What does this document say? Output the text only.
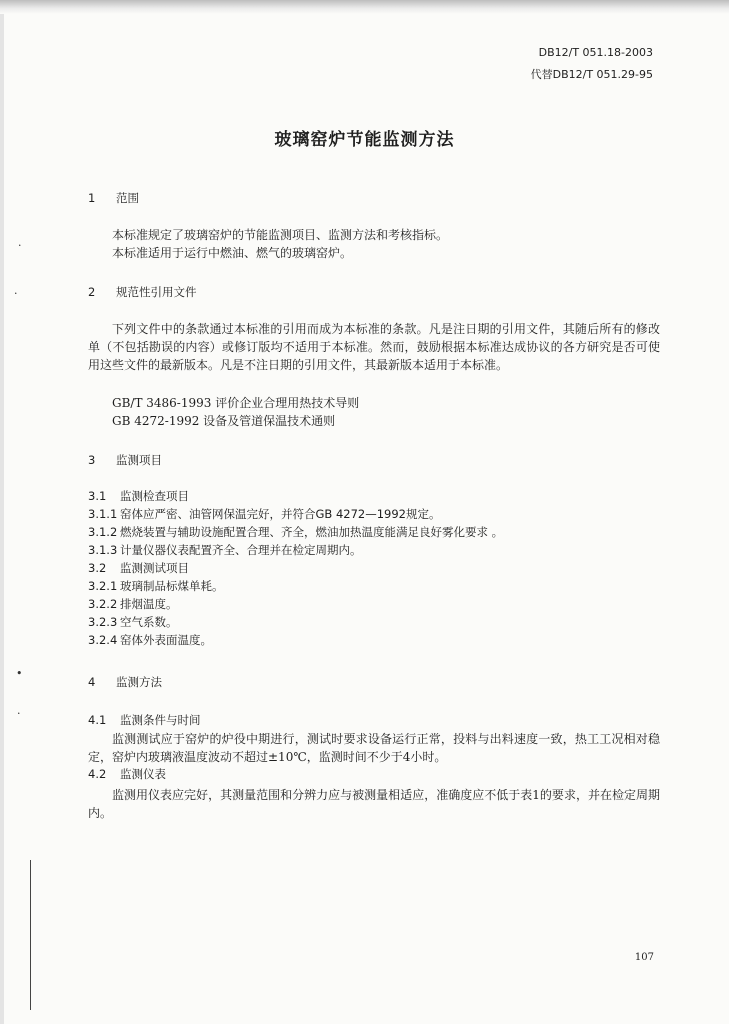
·
·
•
·
DB12/T 051.18-2003
代替DB12/T 051.29-95
玻璃窑炉节能监测方法
1 范围
本标准规定了玻璃窑炉的节能监测项目、监测方法和考核指标。
本标准适用于运行中燃油、燃气的玻璃窑炉。
2 规范性引用文件
下列文件中的条款通过本标准的引用而成为本标准的条款。凡是注日期的引用文件，其随后所有的修改单（不包括勘误的内容）或修订版均不适用于本标准。然而，鼓励根据本标准达成协议的各方研究是否可使用这些文件的最新版本。凡是不注日期的引用文件，其最新版本适用于本标准。
GB/T 3486-1993 评价企业合理用热技术导则
GB 4272-1992 设备及管道保温技术通则
3 监测项目
3.1 监测检查项目
3.1.1 窑体应严密、油管网保温完好，并符合GB 4272—1992规定。
3.1.2 燃烧装置与辅助设施配置合理、齐全，燃油加热温度能满足良好雾化要求 。
3.1.3 计量仪器仪表配置齐全、合理并在检定周期内。
3.2 监测测试项目
3.2.1 玻璃制品标煤单耗。
3.2.2 排烟温度。
3.2.3 空气系数。
3.2.4 窑体外表面温度。
4 监测方法
4.1 监测条件与时间
监测测试应于窑炉的炉役中期进行，测试时要求设备运行正常，投料与出料速度一致，热工工况相对稳定，窑炉内玻璃液温度波动不超过±10℃，监测时间不少于4小时。
4.2 监测仪表
监测用仪表应完好，其测量范围和分辨力应与被测量相适应，准确度应不低于表1的要求，并在检定周期内。
107
